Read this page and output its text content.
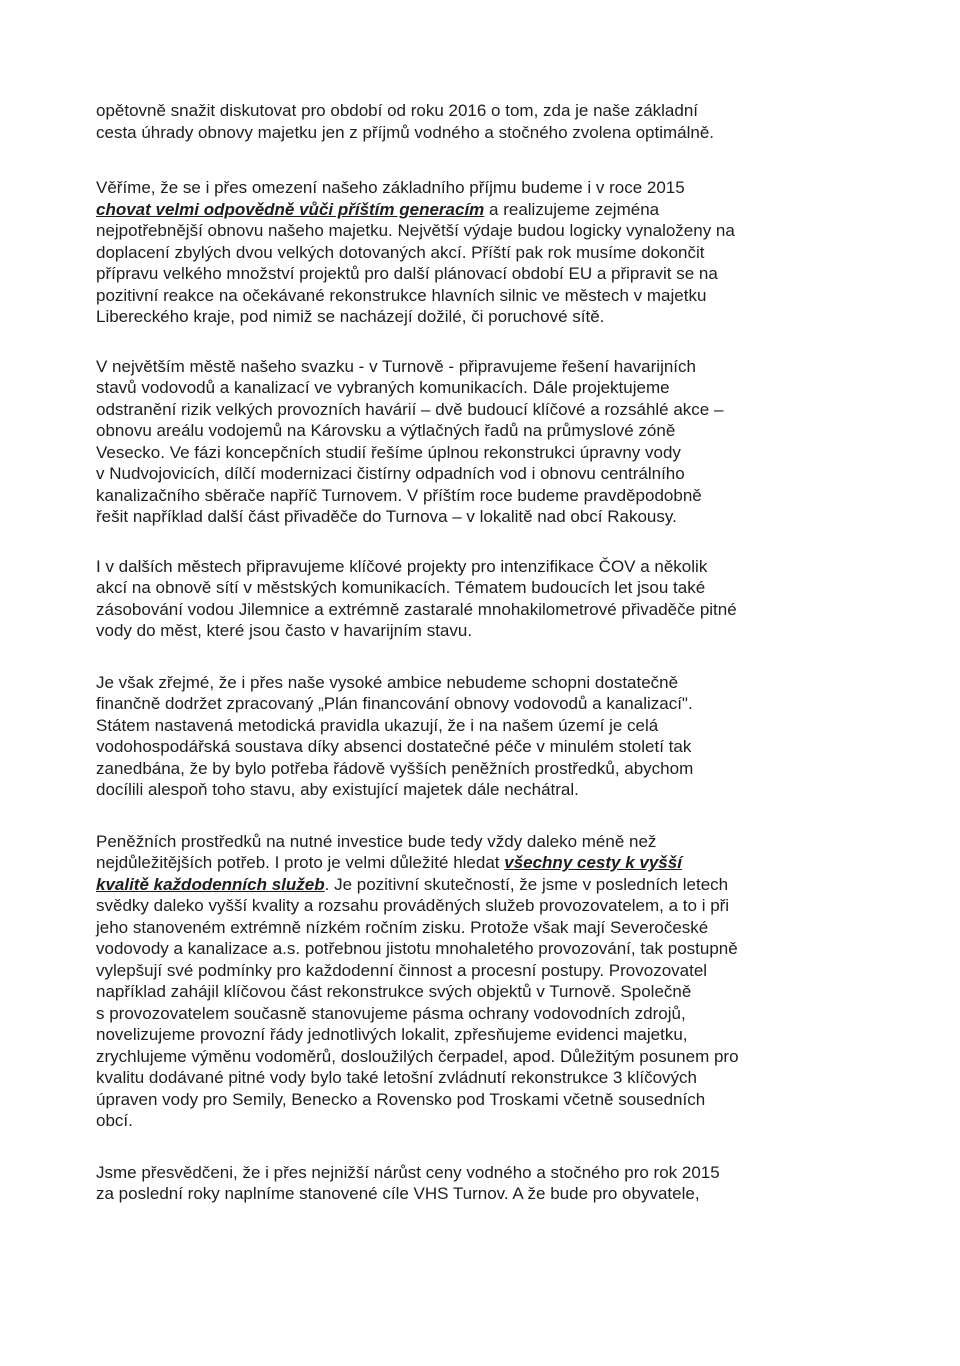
opětovně snažit diskutovat pro období od roku 2016 o tom, zda je naše základní
cesta úhrady obnovy majetku jen z příjmů vodného a stočného zvolena optimálně.

Věříme, že se i přes omezení našeho základního příjmu budeme i v roce 2015
chovat velmi odpovědně vůči příštím generacím a realizujeme zejména
nejpotřebnější obnovu našeho majetku. Největší výdaje budou logicky vynaloženy na
doplacení zbylých dvou velkých dotovaných akcí. Příští pak rok musíme dokončit
přípravu velkého množství projektů pro další plánovací období EU a připravit se na
pozitivní reakce na očekávané rekonstrukce hlavních silnic ve městech v majetku
Libereckého kraje, pod nimiž se nacházejí dožilé, či poruchové sítě.

V největším městě našeho svazku - v Turnově - připravujeme řešení havarijních
stavů vodovodů a kanalizací ve vybraných komunikacích. Dále projektujeme
odstranění rizik velkých provozních havárií – dvě budoucí klíčové a rozsáhlé akce –
obnovu areálu vodojemů na Károvsku a výtlačných řadů na průmyslové zóně
Vesecko. Ve fázi koncepčních studií řešíme úplnou rekonstrukci úpravny vody
v Nudvojovicích, dílčí modernizaci čistírny odpadních vod i obnovu centrálního
kanalizačního sběrače napříč Turnovem. V příštím roce budeme pravděpodobně
řešit například další část přivaděče do Turnova – v lokalitě nad obcí Rakousy.

I v dalších městech připravujeme klíčové projekty pro intenzifikace ČOV a několik
akcí na obnově sítí v městských komunikacích. Tématem budoucích let jsou také
zásobování vodou Jilemnice a extrémně zastaralé mnohakilometrové přivaděče pitné
vody do měst, které jsou často v havarijním stavu.

Je však zřejmé, že i přes naše vysoké ambice nebudeme schopni dostatečně
finančně dodržet zpracovaný „Plán financování obnovy vodovodů a kanalizací".
Státem nastavená metodická pravidla ukazují, že i na našem území je celá
vodohospodářská soustava díky absenci dostatečné péče v minulém století tak
zanedbána, že by bylo potřeba řádově vyšších peněžních prostředků, abychom
docílili alespoň toho stavu, aby existující majetek dále nechátral.

Peněžních prostředků na nutné investice bude tedy vždy daleko méně než
nejdůležitějších potřeb. I proto je velmi důležité hledat všechny cesty k vyšší
kvalitě každodenních služeb. Je pozitivní skutečností, že jsme v posledních letech
svědky daleko vyšší kvality a rozsahu prováděných služeb provozovatelem, a to i při
jeho stanoveném extrémně nízkém ročním zisku. Protože však mají Severočeské
vodovody a kanalizace a.s. potřebnou jistotu mnohaletého provozování, tak postupně
vylepšují své podmínky pro každodenní činnost a procesní postupy. Provozovatel
například zahájil klíčovou část rekonstrukce svých objektů v Turnově. Společně
s provozovatelem současně stanovujeme pásma ochrany vodovodních zdrojů,
novelizujeme provozní řády jednotlivých lokalit, zpřesňujeme evidenci majetku,
zrychlujeme výměnu vodoměrů, dosloužilých čerpadel, apod. Důležitým posunem pro
kvalitu dodávané pitné vody bylo také letošní zvládnutí rekonstrukce 3 klíčových
úpraven vody pro Semily, Benecko a Rovensko pod Troskami včetně sousedních
obcí.

Jsme přesvědčeni, že i přes nejnižší nárůst ceny vodného a stočného pro rok 2015
za poslední roky naplníme stanovené cíle VHS Turnov. A že bude pro obyvatele,
